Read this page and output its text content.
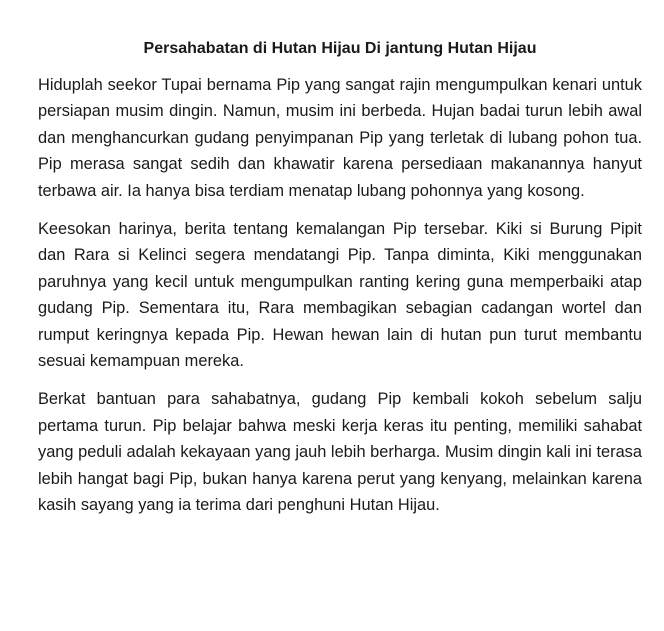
Persahabatan di Hutan Hijau Di jantung Hutan Hijau

Hiduplah seekor Tupai bernama Pip yang sangat rajin mengumpulkan kenari untuk persiapan musim dingin. Namun, musim ini berbeda. Hujan badai turun lebih awal dan menghancurkan gudang penyimpanan Pip yang terletak di lubang pohon tua. Pip merasa sangat sedih dan khawatir karena persediaan makanannya hanyut terbawa air. Ia hanya bisa terdiam menatap lubang pohonnya yang kosong.

Keesokan harinya, berita tentang kemalangan Pip tersebar. Kiki si Burung Pipit dan Rara si Kelinci segera mendatangi Pip. Tanpa diminta, Kiki menggunakan paruhnya yang kecil untuk mengumpulkan ranting kering guna memperbaiki atap gudang Pip. Sementara itu, Rara membagikan sebagian cadangan wortel dan rumput keringnya kepada Pip. Hewan hewan lain di hutan pun turut membantu sesuai kemampuan mereka.

Berkat bantuan para sahabatnya, gudang Pip kembali kokoh sebelum salju pertama turun. Pip belajar bahwa meski kerja keras itu penting, memiliki sahabat yang peduli adalah kekayaan yang jauh lebih berharga. Musim dingin kali ini terasa lebih hangat bagi Pip, bukan hanya karena perut yang kenyang, melainkan karena kasih sayang yang ia terima dari penghuni Hutan Hijau.
